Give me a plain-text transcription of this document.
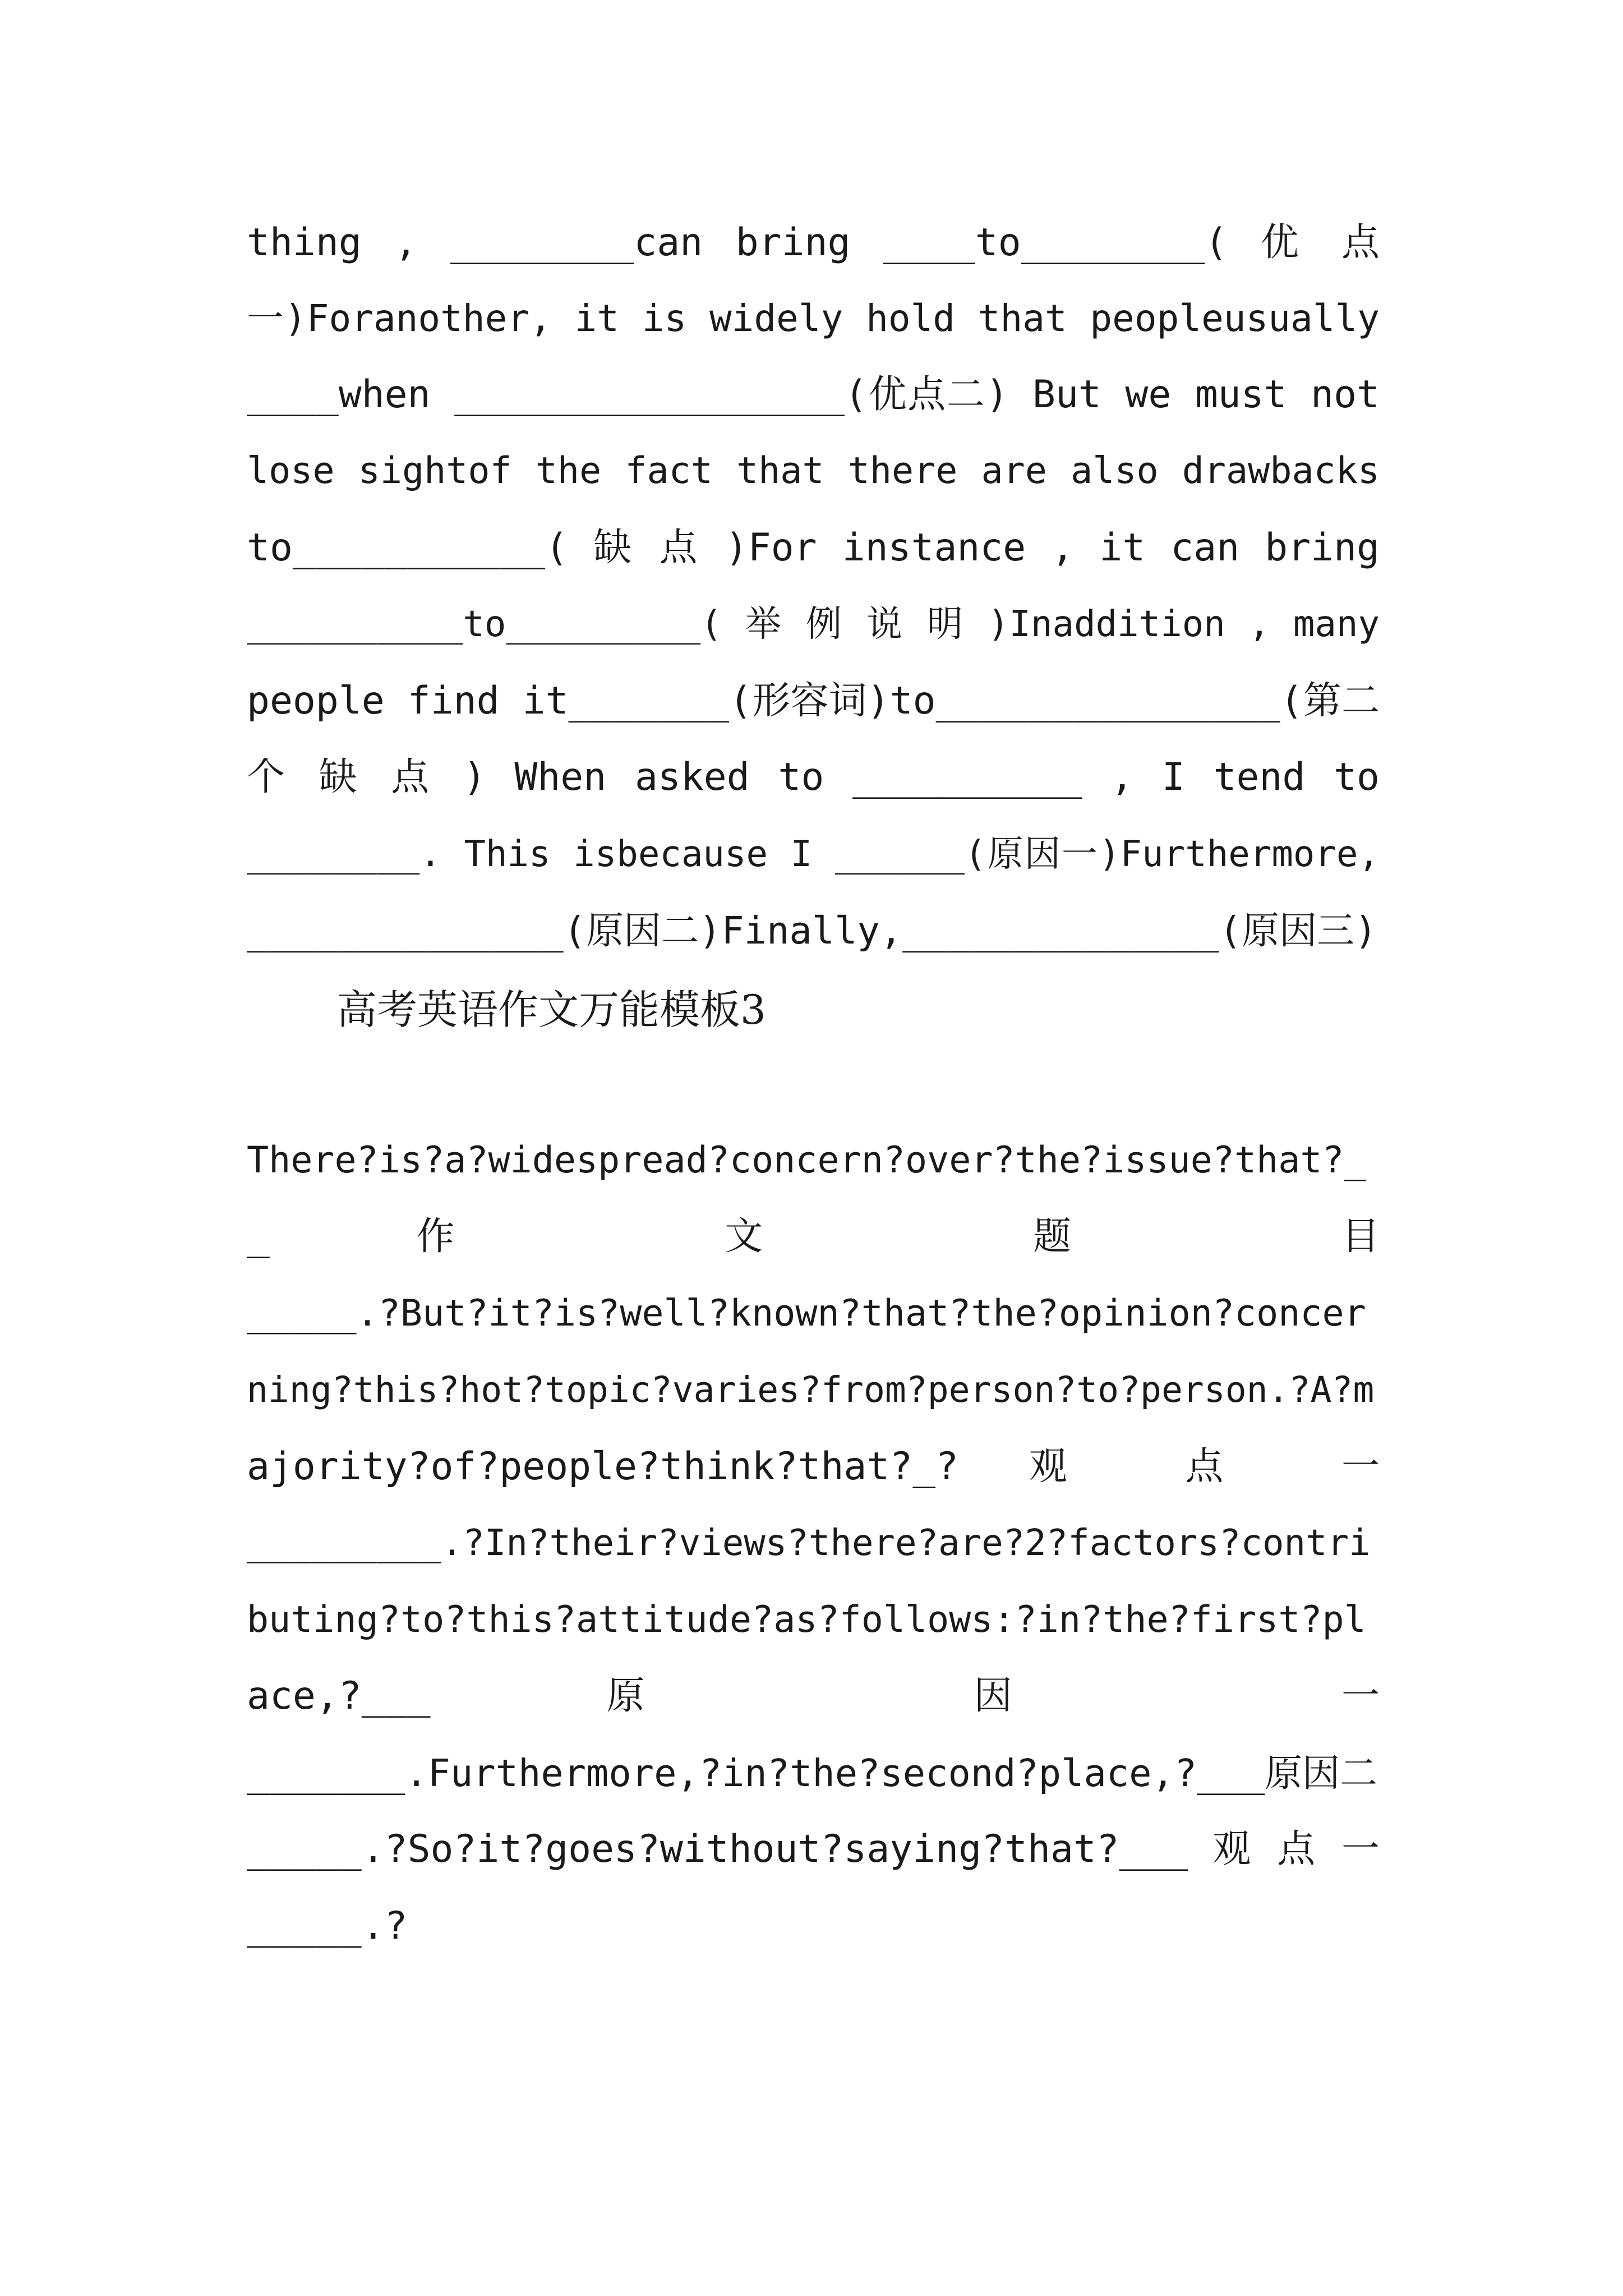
thing , ________can bring ____to________( 优 点
一)Foranother, it is widely hold that peopleusually
____when _________________(优点二) But we must not
lose sightof the fact that there are also drawbacks
to___________( 缺 点 )For instance , it can bring
__________to_________( 举 例 说 明 )Inaddition , many
people find it_______(形容词)to_______________(第二
个 缺 点 ) When asked to __________ , I tend to
________. This isbecause I ______(原因一)Furthermore,
______________(原因二)Finally,______________(原因三)
高考英语作文万能模板3
There?is?a?widespread?concern?over?the?issue?that?_
_ 作 文 题 目
_____.?But?it?is?well?known?that?the?opinion?concer
ning?this?hot?topic?varies?from?person?to?person.?A?m
ajority?of?people?think?that?_? 观 点 一
_________.?In?their?views?there?are?2?factors?contri
buting?to?this?attitude?as?follows:?in?the?first?pl
ace,?___ 原 因 一
_______.Furthermore,?in?the?second?place,?___原因二
_____.?So?it?goes?without?saying?that?___ 观 点 一
_____.?
